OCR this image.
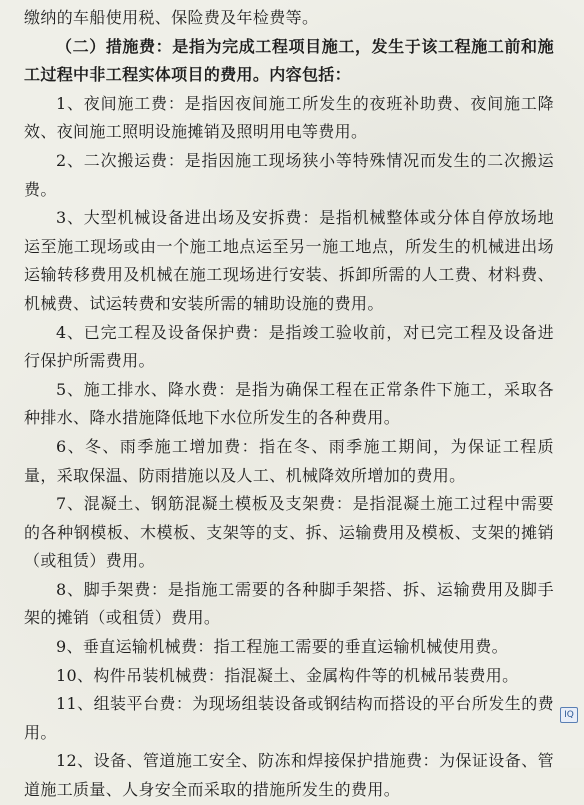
缴纳的车船使用税、保险费及年检费等。

（二）措施费：是指为完成工程项目施工，发生于该工程施工前和施工过程中非工程实体项目的费用。内容包括：

1、夜间施工费：是指因夜间施工所发生的夜班补助费、夜间施工降效、夜间施工照明设施摊销及照明用电等费用。

2、二次搬运费：是指因施工现场狭小等特殊情况而发生的二次搬运费。

3、大型机械设备进出场及安拆费：是指机械整体或分体自停放场地运至施工现场或由一个施工地点运至另一施工地点，所发生的机械进出场运输转移费用及机械在施工现场进行安装、拆卸所需的人工费、材料费、机械费、试运转费和安装所需的辅助设施的费用。

4、已完工程及设备保护费：是指竣工验收前，对已完工程及设备进行保护所需费用。

5、施工排水、降水费：是指为确保工程在正常条件下施工，采取各种排水、降水措施降低地下水位所发生的各种费用。

6、冬、雨季施工增加费：指在冬、雨季施工期间，为保证工程质量，采取保温、防雨措施以及人工、机械降效所增加的费用。

7、混凝土、钢筋混凝土模板及支架费：是指混凝土施工过程中需要的各种钢模板、木模板、支架等的支、拆、运输费用及模板、支架的摊销（或租赁）费用。

8、脚手架费：是指施工需要的各种脚手架搭、拆、运输费用及脚手架的摊销（或租赁）费用。

9、垂直运输机械费：指工程施工需要的垂直运输机械使用费。

10、构件吊装机械费：指混凝土、金属构件等的机械吊装费用。

11、组装平台费：为现场组装设备或钢结构而搭设的平台所发生的费用。

12、设备、管道施工安全、防冻和焊接保护措施费：为保证设备、管道施工质量、人身安全而采取的措施所发生的费用。

IQ
